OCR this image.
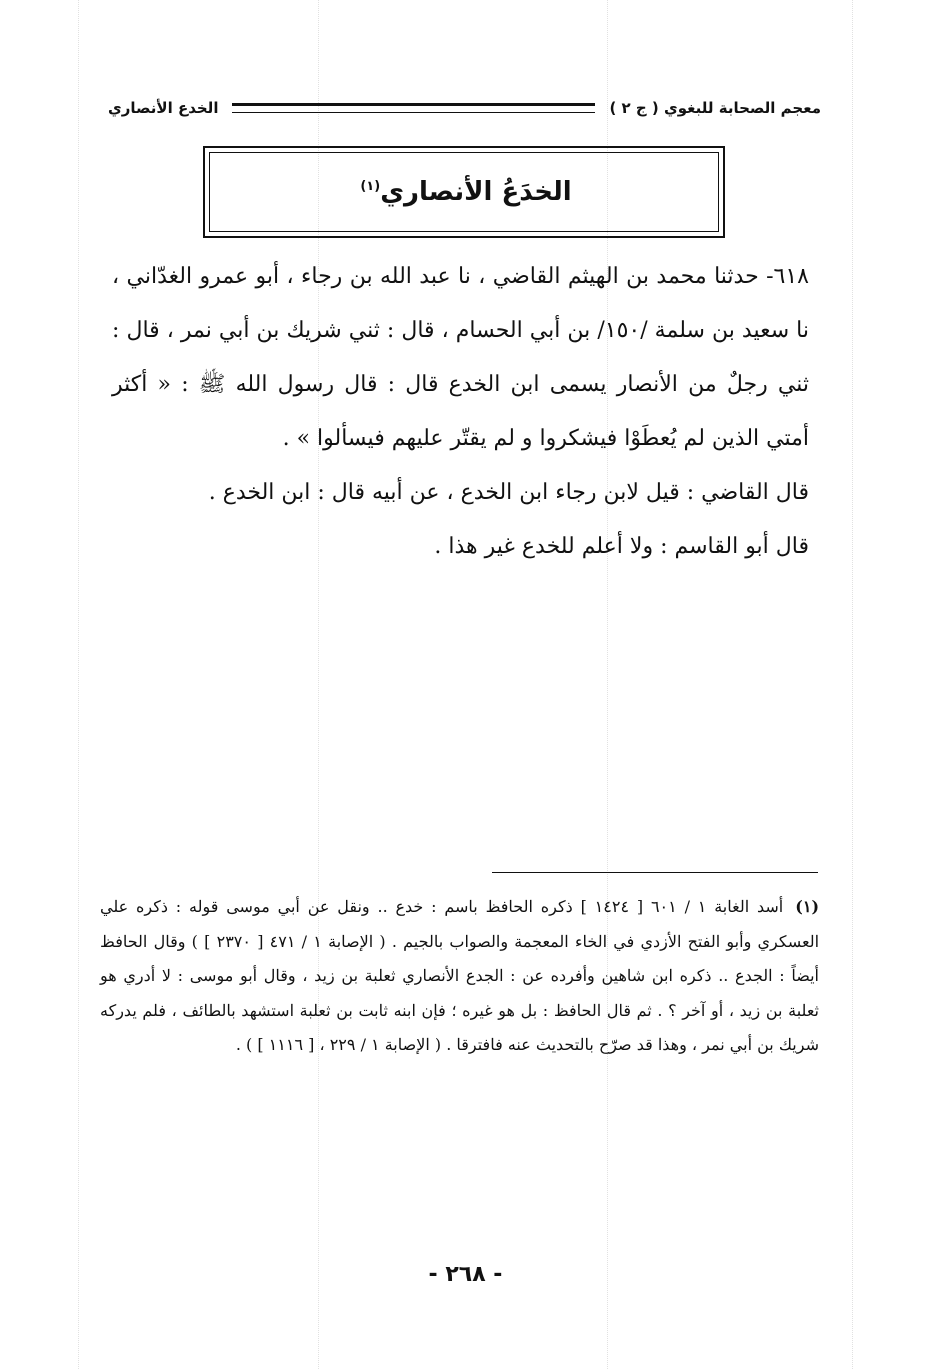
معجم الصحابة للبغوي ( ج ٢ )
الخدع الأنصاري
الخدَعُ الأنصاري$^{(١)}$

٦١٨- حدثنا محمد بن الهيثم القاضي ، نا عبد الله بن رجاء ، أبو عمرو الغدّاني ، نا سعيد بن سلمة /١٥٠/ بن أبي الحسام ، قال : ثني شريك بن أبي نمر ، قال : ثني رجلٌ من الأنصار يسمى ابن الخدع قال : قال رسول الله ﷺ : « أكثر أمتي الذين لم يُعطَوْا فيشكروا و لم يقتّر عليهم فيسألوا » .

قال القاضي : قيل لابن رجاء ابن الخدع ، عن أبيه قال : ابن الخدع .

قال أبو القاسم : ولا أعلم للخدع غير هذا .

(١)أسد الغابة ١ / ٦٠١ [ ١٤٢٤ ] ذكره الحافظ باسم : خدع .. ونقل عن أبي موسى قوله : ذكره علي العسكري وأبو الفتح الأزدي في الخاء المعجمة والصواب بالجيم . ( الإصابة ١ / ٤٧١ [ ٢٣٧٠ ] ) وقال الحافظ أيضاً : الجدع .. ذكره ابن شاهين وأفرده عن : الجدع الأنصاري ثعلبة بن زيد ، وقال أبو موسى : لا أدري هو ثعلبة بن زيد ، أو آخر ؟ . ثم قال الحافظ : بل هو غيره ؛ فإن ابنه ثابت بن ثعلبة استشهد بالطائف ، فلم يدركه شريك بن أبي نمر ، وهذا قد صرّح بالتحديث عنه فافترقا . ( الإصابة ١ / ٢٢٩ ، [ ١١١٦ ] ) .
- ٢٦٨ -
